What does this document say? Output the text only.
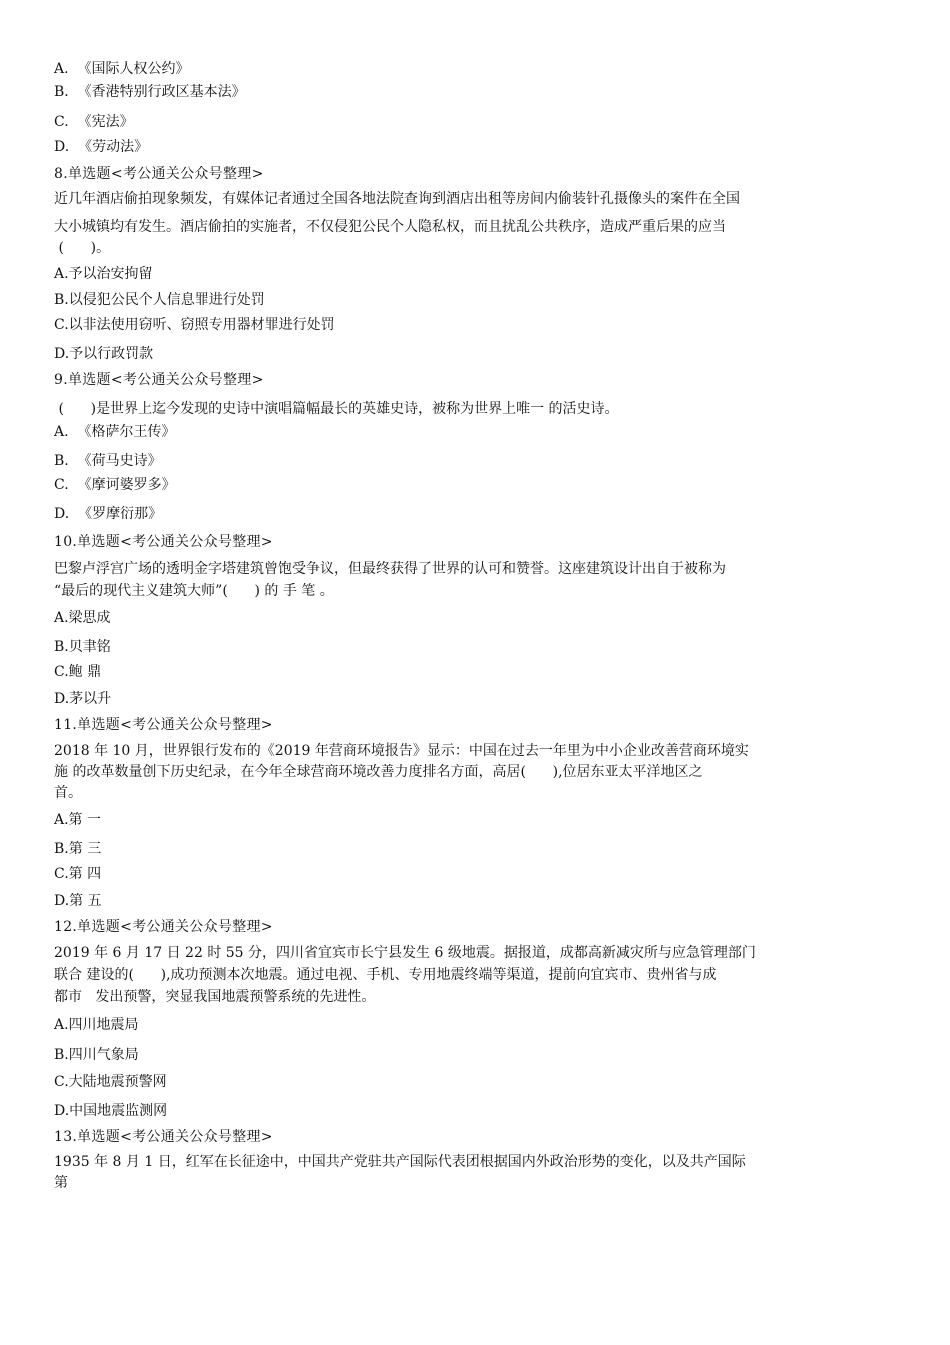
A.  《国际人权公约》
B.  《香港特别行政区基本法》
C.  《宪法》
D.  《劳动法》
8.单选题<考公通关公众号整理>
近几年酒店偷拍现象频发，有媒体记者通过全国各地法院查询到酒店出租等房间内偷装针孔摄像头的案件在全国
大小城镇均有发生。酒店偷拍的实施者，不仅侵犯公民个人隐私权，而且扰乱公共秩序，造成严重后果的应当
(      )。
A.予以治安拘留
B.以侵犯公民个人信息罪进行处罚
C.以非法使用窃听、窃照专用器材罪进行处罚
D.予以行政罚款
9.单选题<考公通关公众号整理>
(      )是世界上迄今发现的史诗中演唱篇幅最长的英雄史诗，被称为世界上唯一 的活史诗。
A.  《格萨尔王传》
B.  《荷马史诗》
C.  《摩诃婆罗多》
D.  《罗摩衍那》
10.单选题<考公通关公众号整理>
巴黎卢浮宫广场的透明金字塔建筑曾饱受争议，但最终获得了世界的认可和赞誉。这座建筑设计出自于被称为
“最后的现代主义建筑大师”(      ) 的 手 笔 。
A.梁思成
B.贝聿铭
C.鲍 鼎
D.茅以升
11.单选题<考公通关公众号整理>
2018 年 10 月，世界银行发布的《2019 年营商环境报告》显示：中国在过去一年里为中小企业改善营商环境实
施 的改革数量创下历史纪录，在今年全球营商环境改善力度排名方面，高居(      ),位居东亚太平洋地区之
首。
A.第 一
B.第 三
C.第 四
D.第 五
12.单选题<考公通关公众号整理>
2019 年 6 月 17 日 22 时 55 分，四川省宜宾市长宁县发生 6 级地震。据报道，成都高新减灾所与应急管理部门
联合 建设的(      ),成功预测本次地震。通过电视、手机、专用地震终端等渠道，提前向宜宾市、贵州省与成
都市   发出预警，突显我国地震预警系统的先进性。
A.四川地震局
B.四川气象局
C.大陆地震预警网
D.中国地震监测网
13.单选题<考公通关公众号整理>
1935 年 8 月 1 日，红军在长征途中，中国共产党驻共产国际代表团根据国内外政治形势的变化，以及共产国际
第
